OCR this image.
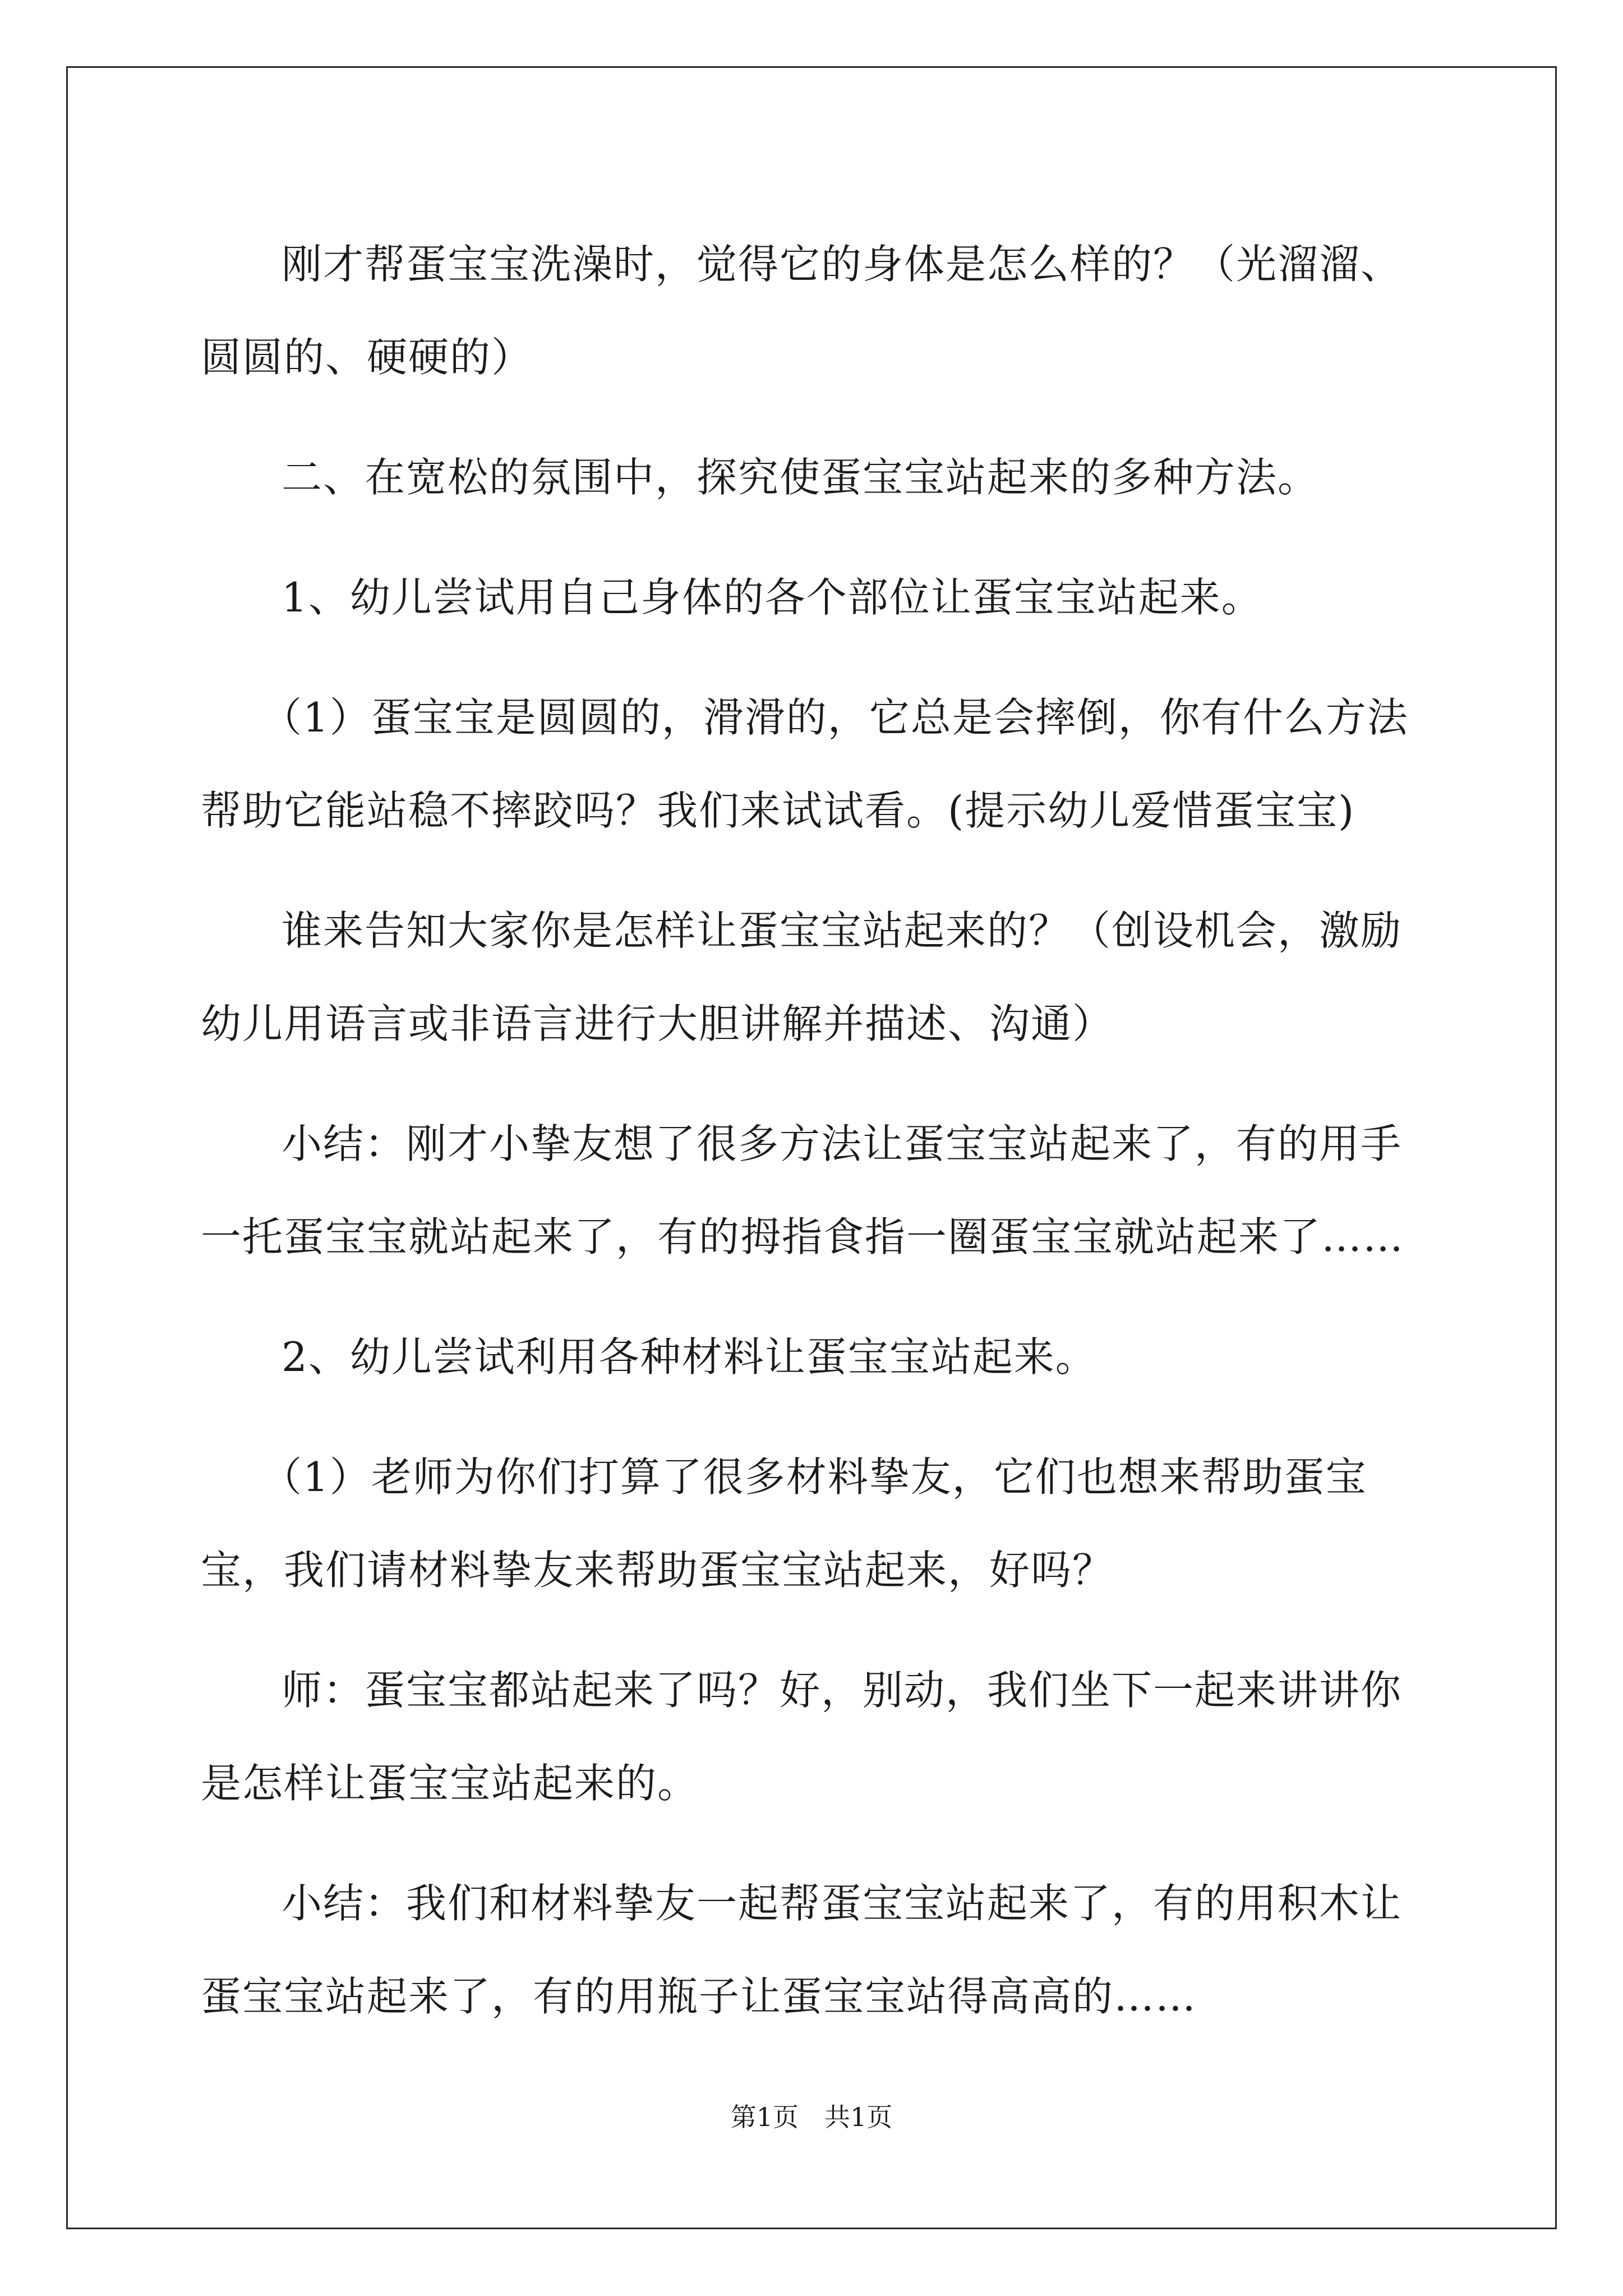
刚才帮蛋宝宝洗澡时，觉得它的身体是怎么样的？（光溜溜、圆圆的、硬硬的）

二、在宽松的氛围中，探究使蛋宝宝站起来的多种方法。

1、幼儿尝试用自己身体的各个部位让蛋宝宝站起来。

（1）蛋宝宝是圆圆的，滑滑的，它总是会摔倒，你有什么方法帮助它能站稳不摔跤吗？我们来试试看。(提示幼儿爱惜蛋宝宝)

谁来告知大家你是怎样让蛋宝宝站起来的？（创设机会，激励幼儿用语言或非语言进行大胆讲解并描述、沟通）

小结：刚才小挚友想了很多方法让蛋宝宝站起来了，有的用手一托蛋宝宝就站起来了，有的拇指食指一圈蛋宝宝就站起来了……

2、幼儿尝试利用各种材料让蛋宝宝站起来。

（1）老师为你们打算了很多材料挚友，它们也想来帮助蛋宝宝，我们请材料挚友来帮助蛋宝宝站起来，好吗？

师：蛋宝宝都站起来了吗？好，别动，我们坐下一起来讲讲你是怎样让蛋宝宝站起来的。

小结：我们和材料挚友一起帮蛋宝宝站起来了，有的用积木让蛋宝宝站起来了，有的用瓶子让蛋宝宝站得高高的……

第1页　共1页
